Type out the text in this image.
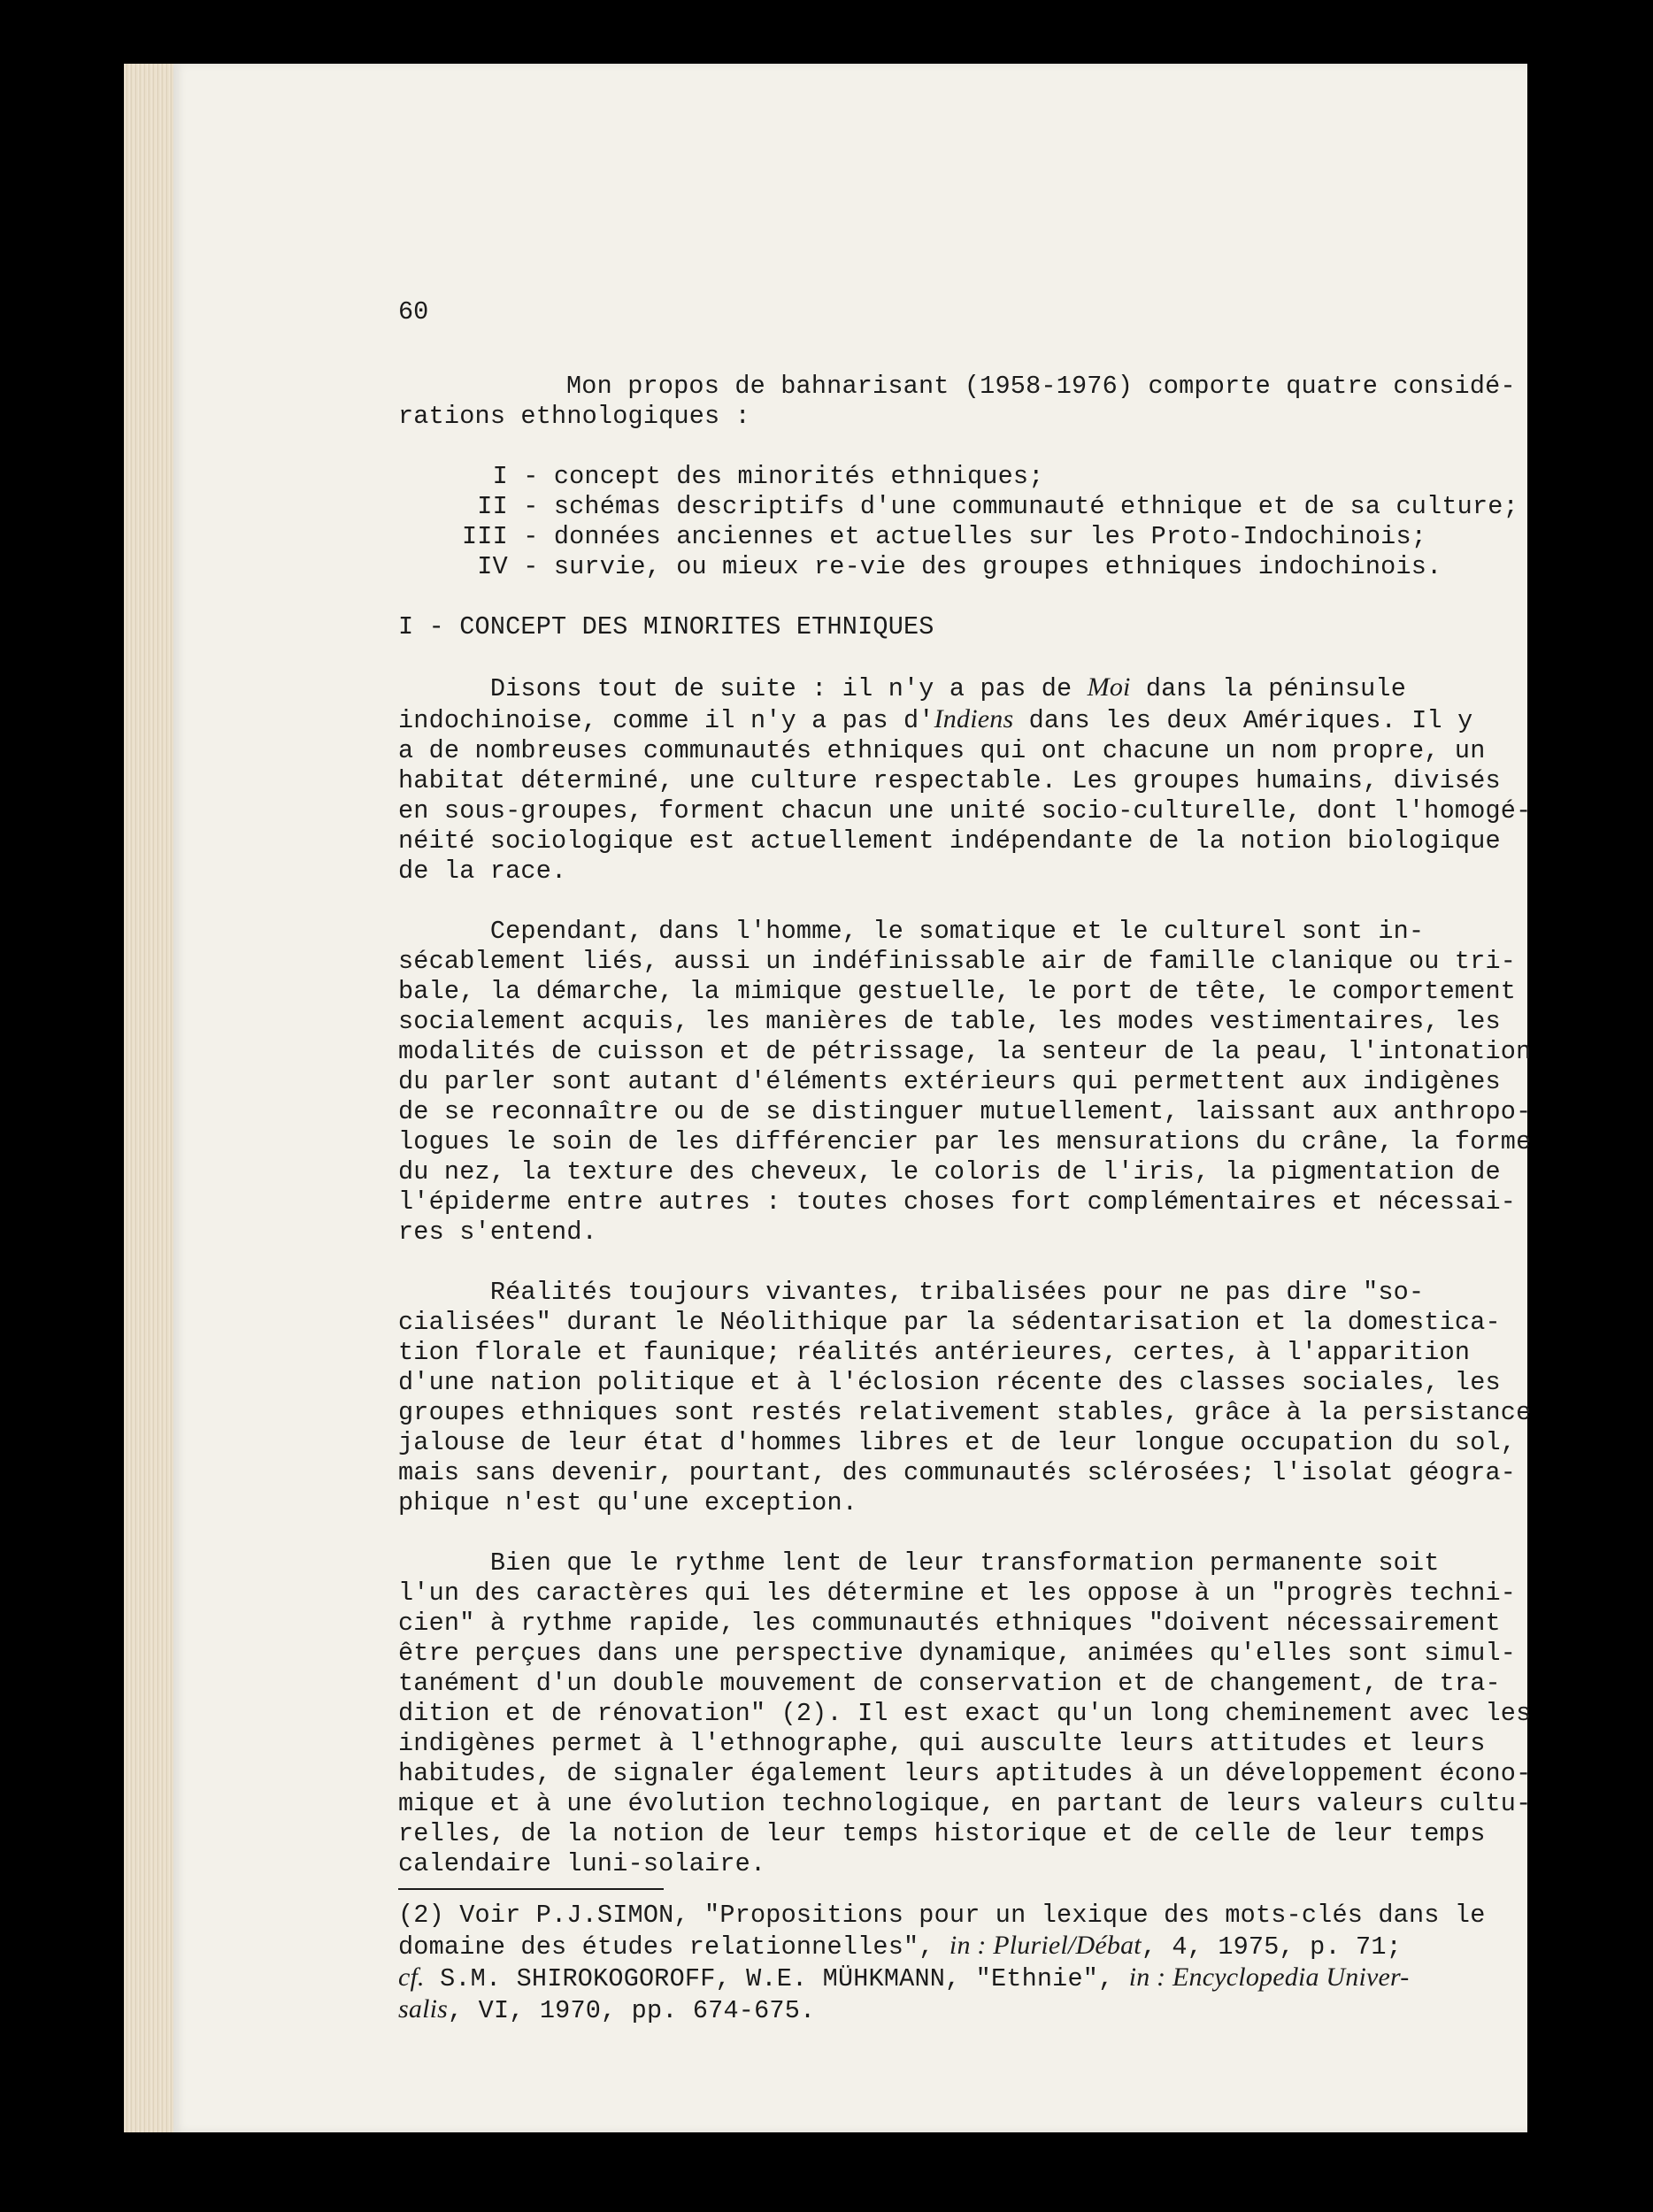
60
Mon propos de bahnarisant (1958-1976) comporte quatre considé-
rations ethnologiques :
I - concept des minorités ethniques;
II - schémas descriptifs d'une communauté ethnique et de sa culture;
III - données anciennes et actuelles sur les Proto-Indochinois;
IV - survie, ou mieux re-vie des groupes ethniques indochinois.
I - CONCEPT DES MINORITES ETHNIQUES
Disons tout de suite : il n'y a pas de Moi dans la péninsule
indochinoise, comme il n'y a pas d'Indiens dans les deux Amériques. Il y
a de nombreuses communautés ethniques qui ont chacune un nom propre, un
habitat déterminé, une culture respectable. Les groupes humains, divisés
en sous-groupes, forment chacun une unité socio-culturelle, dont l'homogé-
néité sociologique est actuellement indépendante de la notion biologique
de la race.
Cependant, dans l'homme, le somatique et le culturel sont in-
sécablement liés, aussi un indéfinissable air de famille clanique ou tri-
bale, la démarche, la mimique gestuelle, le port de tête, le comportement
socialement acquis, les manières de table, les modes vestimentaires, les
modalités de cuisson et de pétrissage, la senteur de la peau, l'intonation
du parler sont autant d'éléments extérieurs qui permettent aux indigènes
de se reconnaître ou de se distinguer mutuellement, laissant aux anthropo-
logues le soin de les différencier par les mensurations du crâne, la forme
du nez, la texture des cheveux, le coloris de l'iris, la pigmentation de
l'épiderme entre autres : toutes choses fort complémentaires et nécessai-
res s'entend.
Réalités toujours vivantes, tribalisées pour ne pas dire "so-
cialisées" durant le Néolithique par la sédentarisation et la domestica-
tion florale et faunique; réalités antérieures, certes, à l'apparition
d'une nation politique et à l'éclosion récente des classes sociales, les
groupes ethniques sont restés relativement stables, grâce à la persistance
jalouse de leur état d'hommes libres et de leur longue occupation du sol,
mais sans devenir, pourtant, des communautés sclérosées; l'isolat géogra-
phique n'est qu'une exception.
Bien que le rythme lent de leur transformation permanente soit
l'un des caractères qui les détermine et les oppose à un "progrès techni-
cien" à rythme rapide, les communautés ethniques "doivent nécessairement
être perçues dans une perspective dynamique, animées qu'elles sont simul-
tanément d'un double mouvement de conservation et de changement, de tra-
dition et de rénovation" (2). Il est exact qu'un long cheminement avec les
indigènes permet à l'ethnographe, qui ausculte leurs attitudes et leurs
habitudes, de signaler également leurs aptitudes à un développement écono-
mique et à une évolution technologique, en partant de leurs valeurs cultu-
relles, de la notion de leur temps historique et de celle de leur temps
calendaire luni-solaire.
(2) Voir P.J.SIMON, "Propositions pour un lexique des mots-clés dans le
domaine des études relationnelles", in : Pluriel/Débat, 4, 1975, p. 71;
cf. S.M. SHIROKOGOROFF, W.E. MÜHKMANN, "Ethnie", in : Encyclopedia Univer-
salis, VI, 1970, pp. 674-675.
